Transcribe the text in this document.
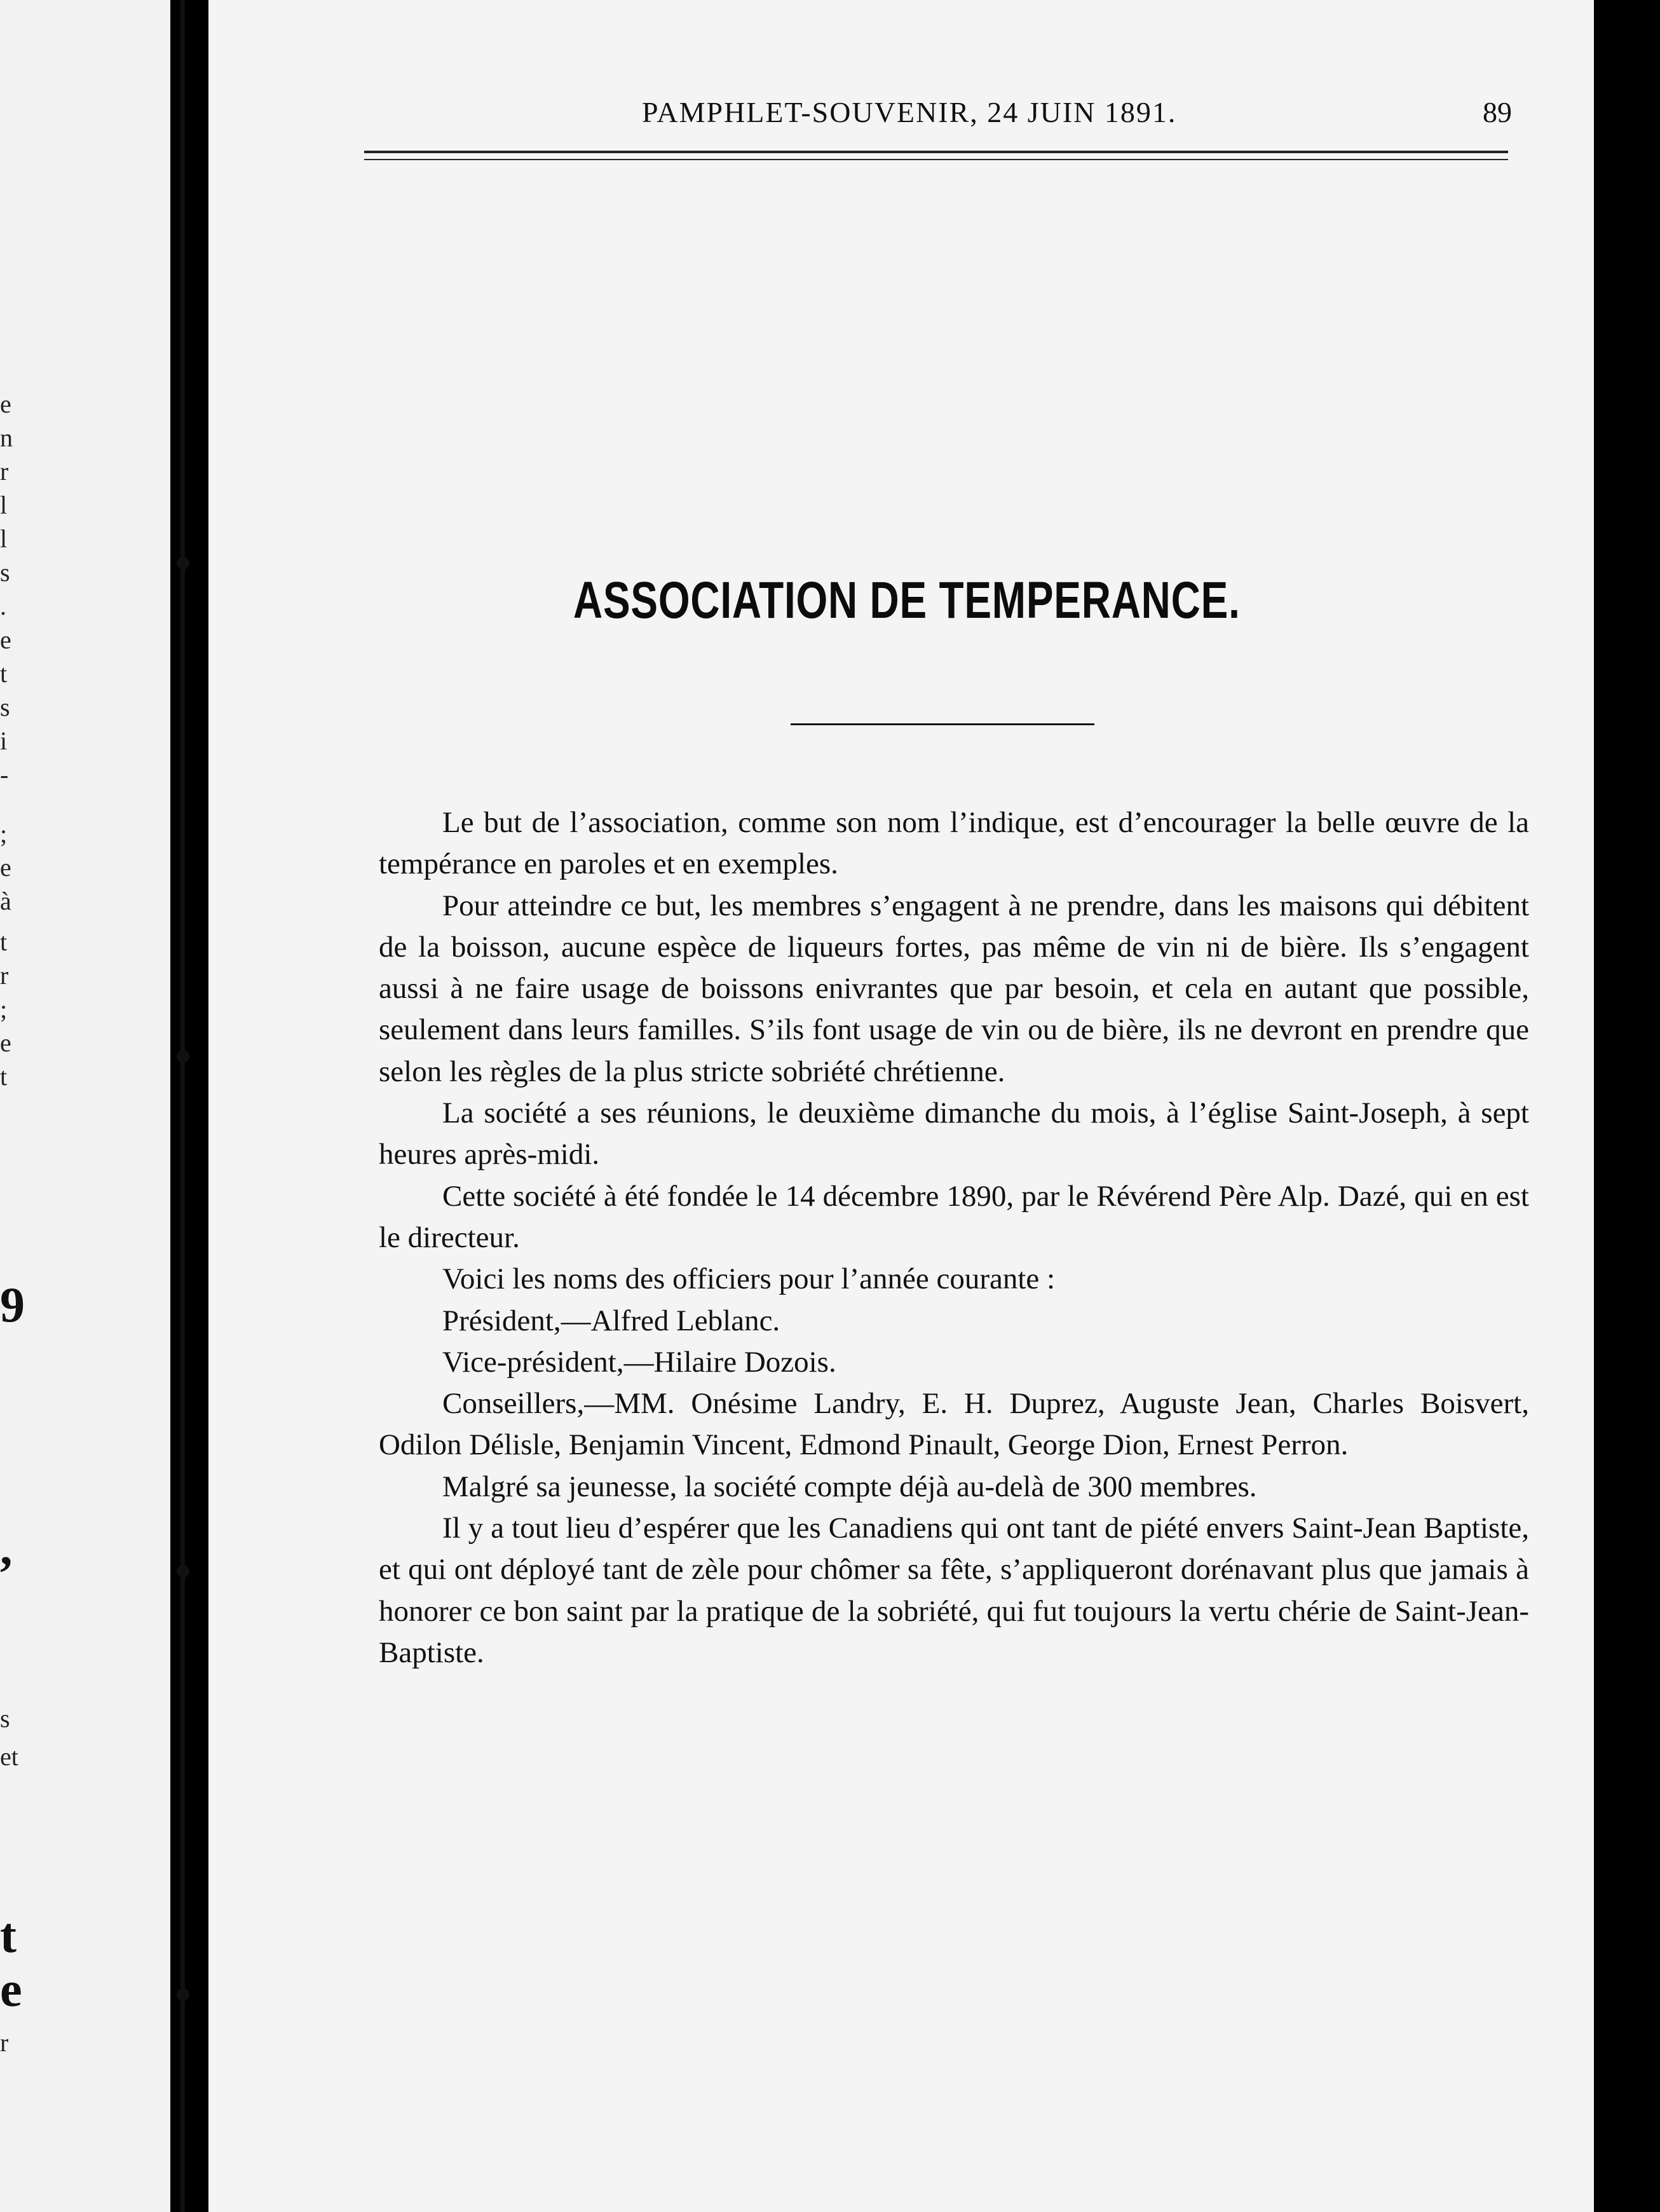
e
n
r
l
l
s
.
e
t
s
i
-
;
e
à
t
r
;
e
t
9
,
s
et
t
e
r
PAMPHLET-SOUVENIR, 24 JUIN 1891.	89
ASSOCIATION DE TEMPERANCE.

Le but de l’association, comme son nom l’indique, est d’encourager la belle œuvre de la tempérance en paroles et en exemples.

Pour atteindre ce but, les membres s’engagent à ne prendre, dans les maisons qui débitent de la boisson, aucune espèce de liqueurs fortes, pas même de vin ni de bière. Ils s’engagent aussi à ne faire usage de boissons enivrantes que par besoin, et cela en autant que possible, seulement dans leurs familles. S’ils font usage de vin ou de bière, ils ne devront en prendre que selon les règles de la plus stricte sobriété chrétienne.

La société a ses réunions, le deuxième dimanche du mois, à l’église Saint-Joseph, à sept heures après-midi.

Cette société à été fondée le 14 décembre 1890, par le Révérend Père Alp. Dazé, qui en est le directeur.

Voici les noms des officiers pour l’année courante :

Président,—Alfred Leblanc.

Vice-président,—Hilaire Dozois.

Conseillers,—MM. Onésime Landry, E. H. Duprez, Auguste Jean, Charles Boisvert, Odilon Délisle, Benjamin Vincent, Edmond Pinault, George Dion, Ernest Perron.

Malgré sa jeunesse, la société compte déjà au-delà de 300 membres.

Il y a tout lieu d’espérer que les Canadiens qui ont tant de piété envers Saint-Jean Baptiste, et qui ont déployé tant de zèle pour chômer sa fête, s’appliqueront dorénavant plus que jamais à honorer ce bon saint par la pratique de la sobriété, qui fut toujours la vertu chérie de Saint-Jean-Baptiste.
